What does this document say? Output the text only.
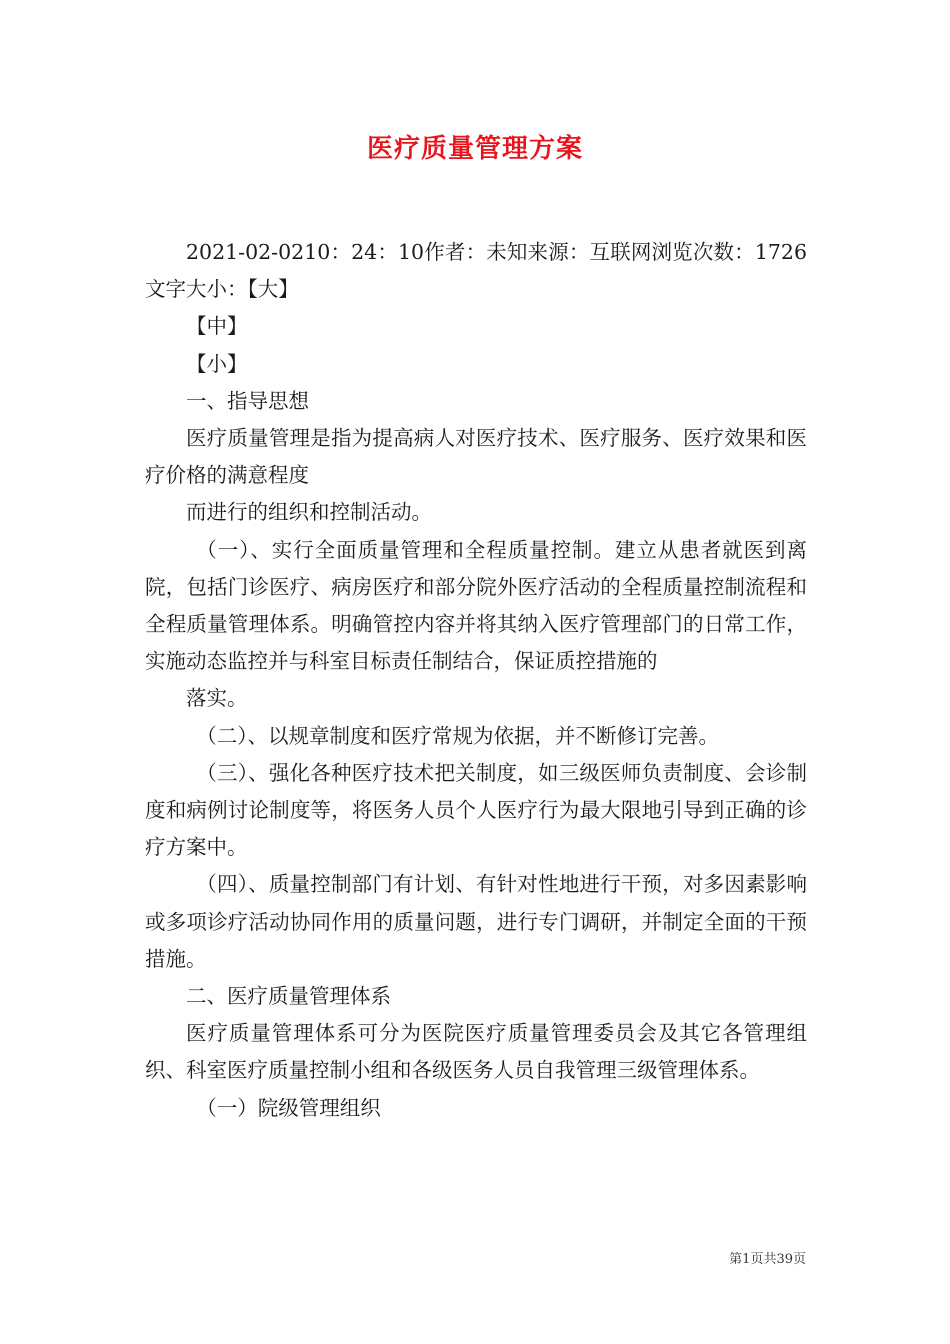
医疗质量管理方案

2021-02-0210：24：10作者：未知来源：互联网浏览次数：1726文字大小：【大】

【中】

【小】

一、指导思想

医疗质量管理是指为提高病人对医疗技术、医疗服务、医疗效果和医疗价格的满意程度

而进行的组织和控制活动。

（一）、实行全面质量管理和全程质量控制。建立从患者就医到离院，包括门诊医疗、病房医疗和部分院外医疗活动的全程质量控制流程和全程质量管理体系。明确管控内容并将其纳入医疗管理部门的日常工作，实施动态监控并与科室目标责任制结合，保证质控措施的

落实。

（二）、以规章制度和医疗常规为依据，并不断修订完善。

（三）、强化各种医疗技术把关制度，如三级医师负责制度、会诊制度和病例讨论制度等，将医务人员个人医疗行为最大限地引导到正确的诊疗方案中。

（四）、质量控制部门有计划、有针对性地进行干预，对多因素影响或多项诊疗活动协同作用的质量问题，进行专门调研，并制定全面的干预措施。

二、医疗质量管理体系

医疗质量管理体系可分为医院医疗质量管理委员会及其它各管理组织、科室医疗质量控制小组和各级医务人员自我管理三级管理体系。

（一）院级管理组织

第1页共39页
